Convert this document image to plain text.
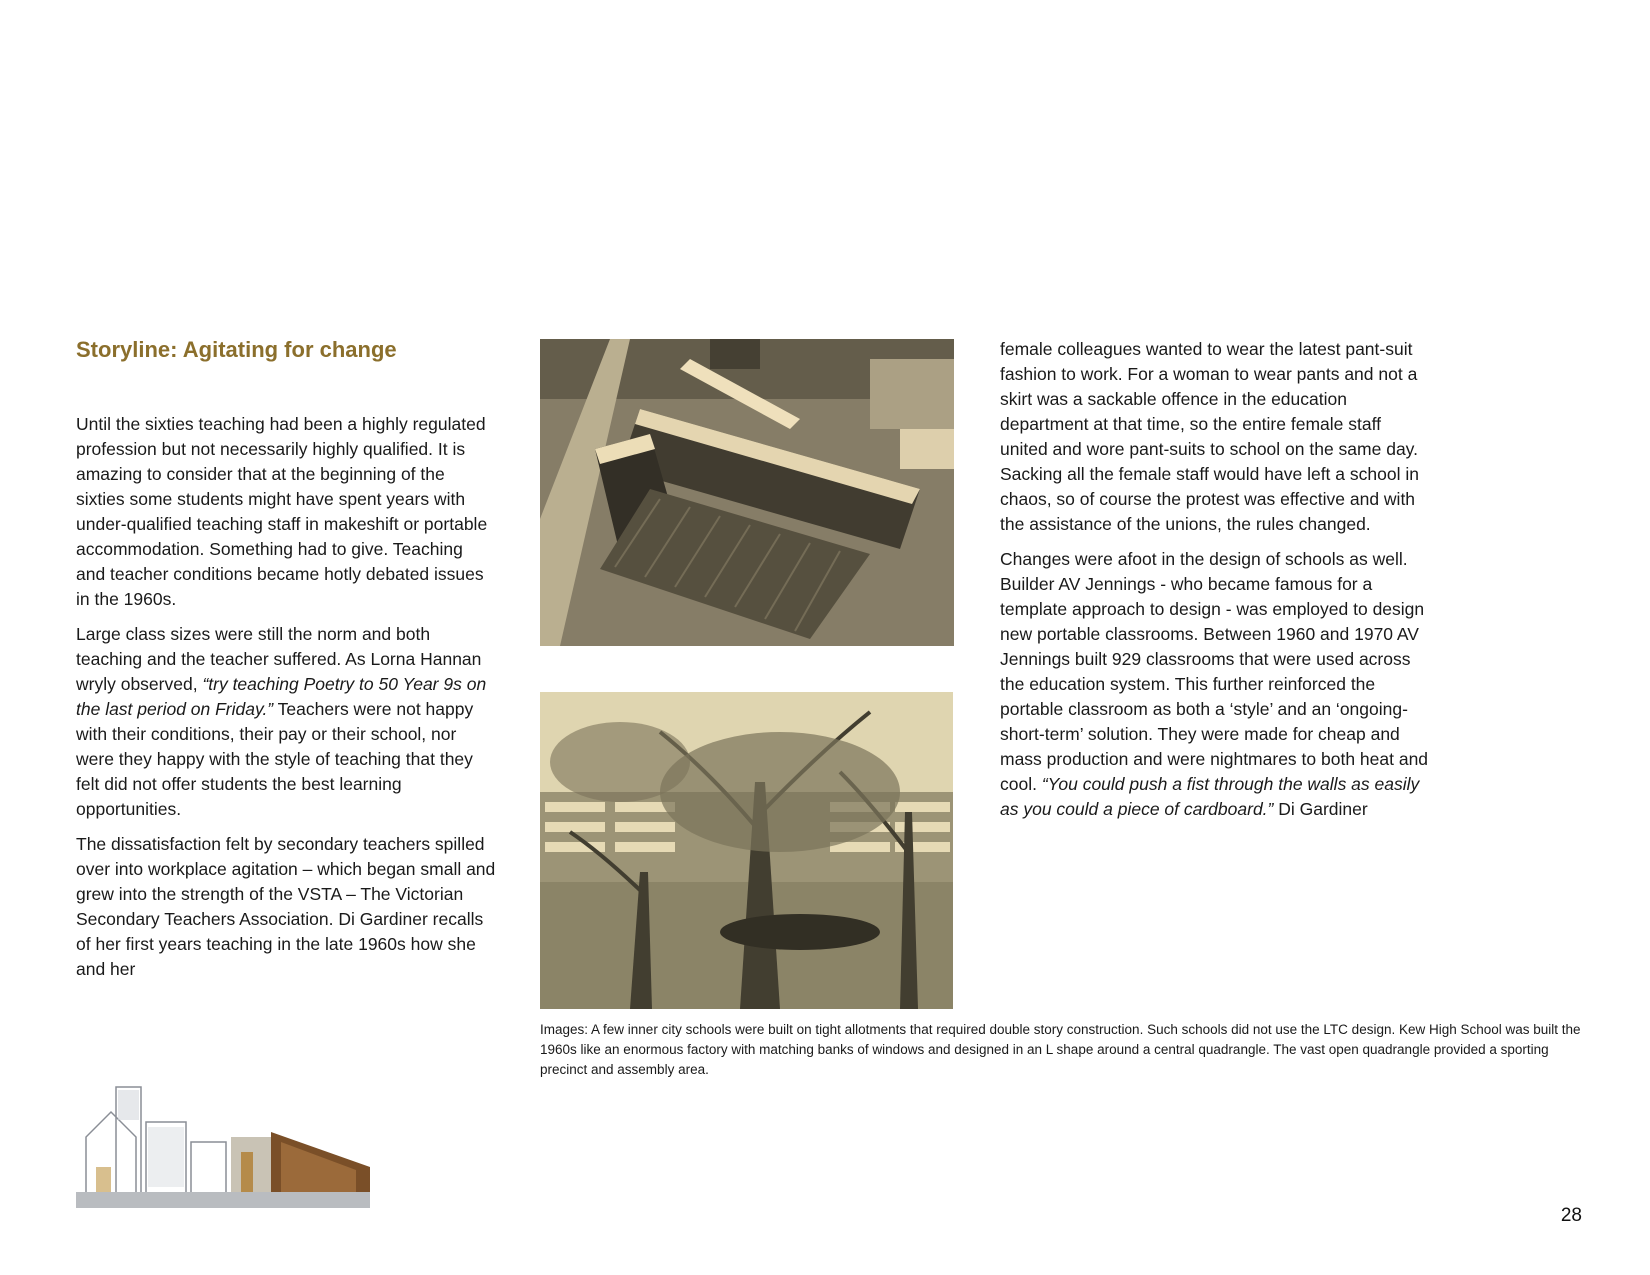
Storyline: Agitating for change

Until the sixties teaching had been a highly regulated profession but not necessarily highly qualified. It is amazing to consider that at the beginning of the sixties some students might have spent years with under-qualified teaching staff in makeshift or portable accommodation. Something had to give. Teaching and teacher conditions became hotly debated issues in the 1960s.

Large class sizes were still the norm and both teaching and the teacher suffered. As Lorna Hannan wryly observed, “try teaching Poetry to 50 Year 9s on the last period on Friday.” Teachers were not happy with their conditions, their pay or their school, nor were they happy with the style of teaching that they felt did not offer students the best learning opportunities.

The dissatisfaction felt by secondary teachers spilled over into workplace agitation – which began small and grew into the strength of the VSTA – The Victorian Secondary Teachers Association. Di Gardiner recalls of her first years teaching in the late 1960s how she and her

female colleagues wanted to wear the latest pant-suit fashion to work. For a woman to wear pants and not a skirt was a sackable offence in the education department at that time, so the entire female staff united and wore pant-suits to school on the same day. Sacking all the female staff would have left a school in chaos, so of course the protest was effective and with the assistance of the unions, the rules changed.

Changes were afoot in the design of schools as well. Builder AV Jennings - who became famous for a template approach to design - was employed to design new portable classrooms. Between 1960 and 1970 AV Jennings built 929 classrooms that were used across the education system. This further reinforced the portable classroom as both a ‘style’ and an ‘ongoing-short-term’ solution. They were made for cheap and mass production and were nightmares to both heat and cool. “You could push a fist through the walls as easily as you could a piece of cardboard.” Di Gardiner

Images: A few inner city schools were built on tight allotments that required double story construction. Such schools did not use the LTC design. Kew High School was built the 1960s like an enormous factory with matching banks of windows and designed in an L shape around a central quadrangle. The vast open quadrangle provided a sporting precinct and assembly area.
28
